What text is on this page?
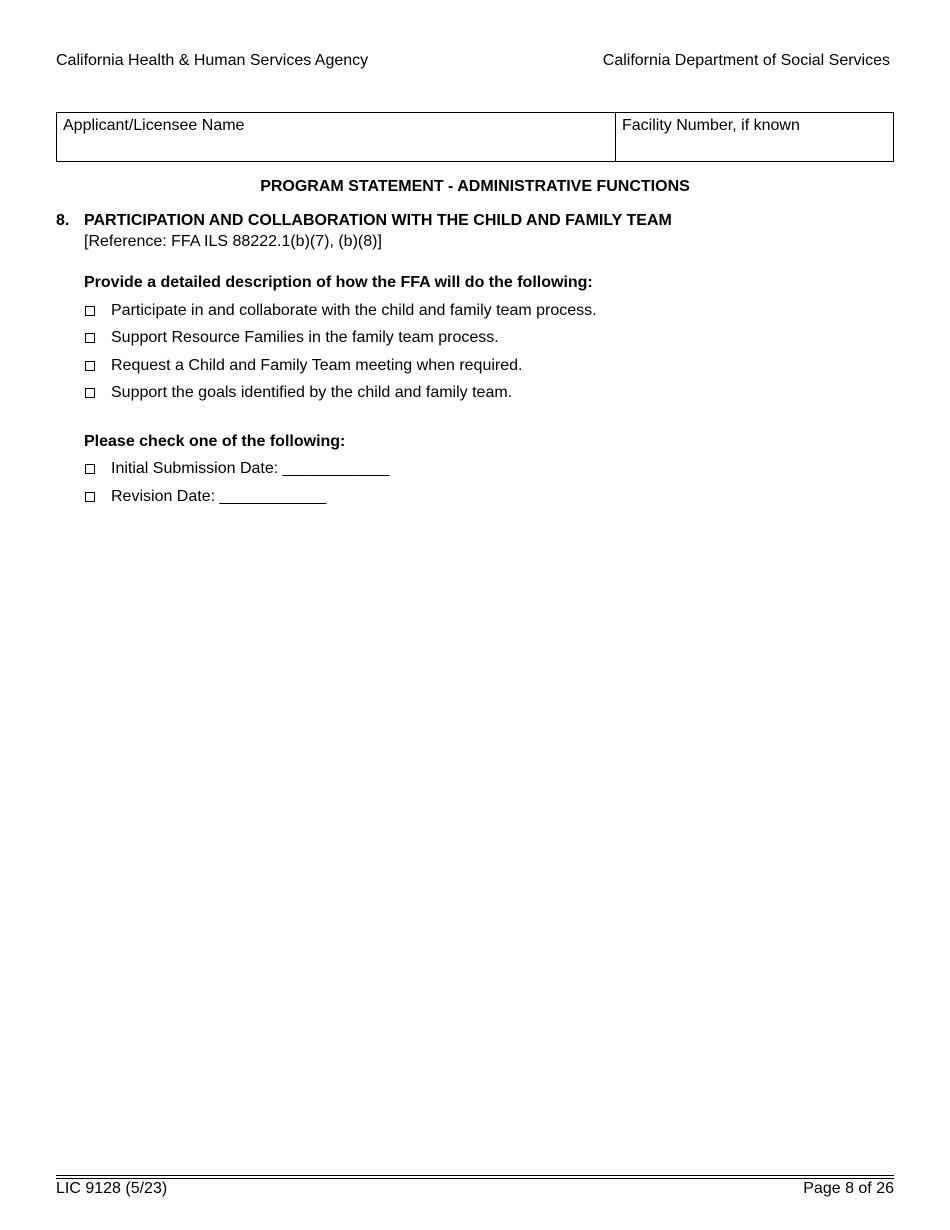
California Health & Human Services Agency	California Department of Social Services
Applicant/Licensee Name	Facility Number, if known
PROGRAM STATEMENT - ADMINISTRATIVE FUNCTIONS
8. PARTICIPATION AND COLLABORATION WITH THE CHILD AND FAMILY TEAM
[Reference: FFA ILS 88222.1(b)(7), (b)(8)]
Provide a detailed description of how the FFA will do the following:
Participate in and collaborate with the child and family team process.
Support Resource Families in the family team process.
Request a Child and Family Team meeting when required.
Support the goals identified by the child and family team.
Please check one of the following:
Initial Submission Date: ____________
Revision Date: ____________
LIC 9128 (5/23)	Page 8 of 26
